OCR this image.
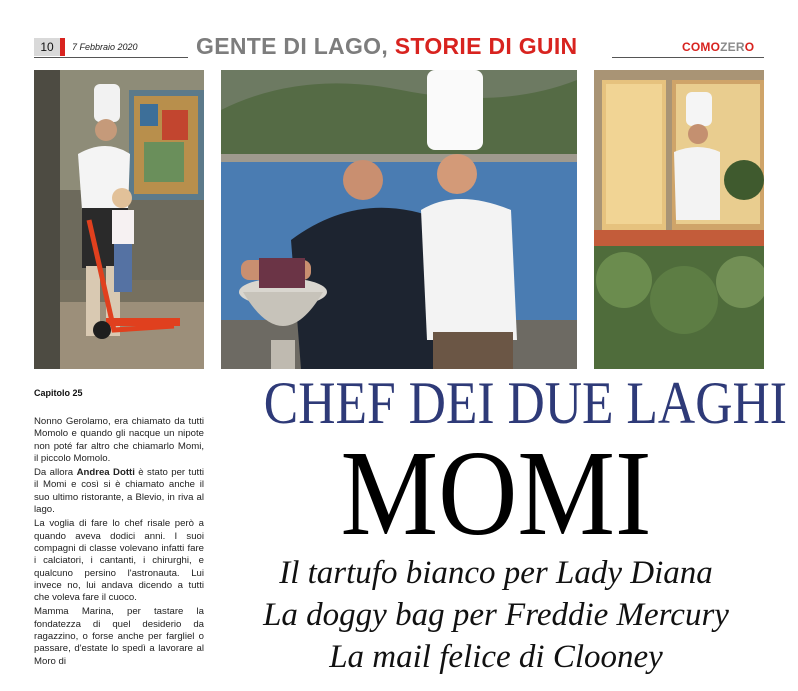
10	7 Febbraio 2020	GENTE DI LAGO, STORIE DI GUIN	COMOZERO
Capitolo 25

Nonno Gerolamo, era chiamato da tutti Momolo e quando gli nacque un nipote non poté far altro che chiamarlo Momi, il piccolo Momolo.

Da allora Andrea Dotti è stato per tutti il Momi e così si è chiamato anche il suo ultimo ristorante, a Blevio, in riva al lago.

La voglia di fare lo chef risale però a quando aveva dodici anni. I suoi compagni di classe volevano infatti fare i calciatori, i cantanti, i chirurghi, e qualcuno persino l'astronauta. Lui invece no, lui andava dicendo a tutti che voleva fare il cuoco.

Mamma Marina, per tastare la fondatezza di quel desiderio da ragazzino, o forse anche per fargliel o passare, d'estate lo spedì a lavorare al Moro di

CHEF DEI DUE LAGHI
MOMI
Il tartufo bianco per Lady Diana
La doggy bag per Freddie Mercury
La mail felice di Clooney
